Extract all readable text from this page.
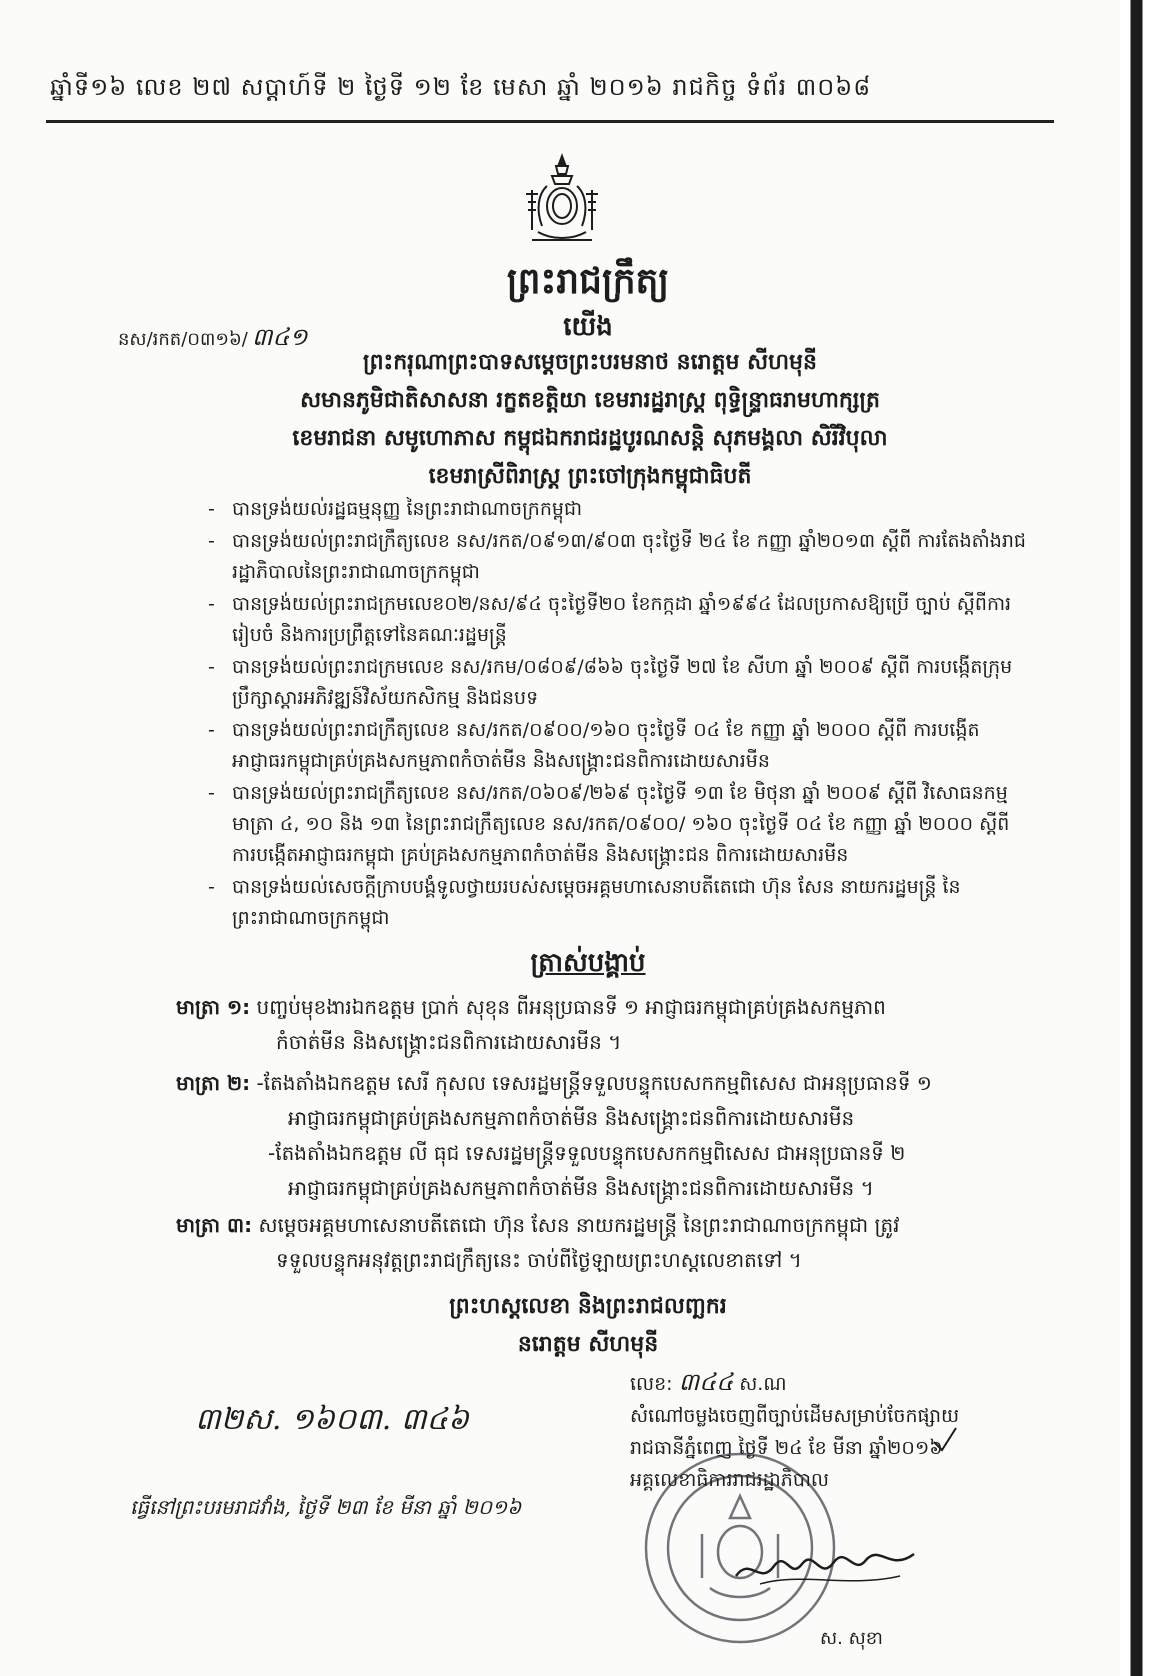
ឆ្នាំទី១៦ លេខ ២៧ សប្តាហ៍ទី ២ ថ្ងៃទី ១២ ខែ មេសា ឆ្នាំ ២០១៦ រាជកិច្ច ទំព័រ ៣០៦៨
ព្រះរាជក្រឹត្យ
នស/រកត/០៣១៦/ ៣៤១	យើង
ព្រះករុណាព្រះបាទសម្តេចព្រះបរមនាថ នរោត្តម សីហមុនី
សមានភូមិជាតិសាសនា រក្ខតខត្តិយា ខេមរារដ្ឋរាស្ត្រ ពុទ្ធិន្ទ្រាធរាមហាក្សត្រ
ខេមរាជនា សមូហោភាស កម្ពុជឯករាជរដ្ឋបូរណសន្តិ សុភមង្គលា សិរីវិបុលា
ខេមរាស្រីពិរាស្ត្រ ព្រះចៅក្រុងកម្ពុជាធិបតី
- បានទ្រង់យល់រដ្ឋធម្មនុញ្ញ នៃព្រះរាជាណាចក្រកម្ពុជា
- បានទ្រង់យល់ព្រះរាជក្រឹត្យលេខ នស/រកត/០៩១៣/៩០៣ ចុះថ្ងៃទី ២៤ ខែ កញ្ញា ឆ្នាំ២០១៣ ស្តីពី ការតែងតាំងរាជរដ្ឋាភិបាលនៃព្រះរាជាណាចក្រកម្ពុជា
- បានទ្រង់យល់ព្រះរាជក្រមលេខ០២/នស/៩៤ ចុះថ្ងៃទី២០ ខែកក្កដា ឆ្នាំ១៩៩៤ ដែលប្រកាសឱ្យប្រើ ច្បាប់ ស្តីពីការរៀបចំ និងការប្រព្រឹត្តទៅនៃគណៈរដ្ឋមន្ត្រី
- បានទ្រង់យល់ព្រះរាជក្រមលេខ នស/រកម/០៨០៩/៨៦៦ ចុះថ្ងៃទី ២៧ ខែ សីហា ឆ្នាំ ២០០៩ ស្តីពី ការបង្កើតក្រុមប្រឹក្សាស្តារអភិវឌ្ឍន៍វិស័យកសិកម្ម និងជនបទ
- បានទ្រង់យល់ព្រះរាជក្រឹត្យលេខ នស/រកត/០៩០០/១៦០ ចុះថ្ងៃទី ០៤ ខែ កញ្ញា ឆ្នាំ ២០០០ ស្តីពី ការបង្កើតអាជ្ញាធរកម្ពុជាគ្រប់គ្រងសកម្មភាពកំចាត់មីន និងសង្គ្រោះជនពិការដោយសារមីន
- បានទ្រង់យល់ព្រះរាជក្រឹត្យលេខ នស/រកត/០៦០៩/២៦៩ ចុះថ្ងៃទី ១៣ ខែ មិថុនា ឆ្នាំ ២០០៩ ស្តីពី វិសោធនកម្មមាត្រា ៤, ១០ និង ១៣ នៃព្រះរាជក្រឹត្យលេខ នស/រកត/០៩០០/ ១៦០ ចុះថ្ងៃទី ០៤ ខែ កញ្ញា ឆ្នាំ ២០០០ ស្តីពីការបង្កើតអាជ្ញាធរកម្ពុជា គ្រប់គ្រងសកម្មភាពកំចាត់មីន និងសង្គ្រោះជន ពិការដោយសារមីន
- បានទ្រង់យល់សេចក្តីក្រាបបង្គំទូលថ្វាយរបស់សម្តេចអគ្គមហាសេនាបតីតេជោ ហ៊ុន សែន នាយករដ្ឋមន្ត្រី នៃព្រះរាជាណាចក្រកម្ពុជា
ត្រាស់បង្គាប់
មាត្រា ១: បញ្ចប់មុខងារឯកឧត្តម ប្រាក់ សុខុន ពីអនុប្រធានទី ១ អាជ្ញាធរកម្ពុជាគ្រប់គ្រងសកម្មភាព
កំចាត់មីន និងសង្គ្រោះជនពិការដោយសារមីន ។
មាត្រា ២: -តែងតាំងឯកឧត្តម សេរី កុសល ទេសរដ្ឋមន្ត្រីទទួលបន្ទុកបេសកកម្មពិសេស ជាអនុប្រធានទី ១
អាជ្ញាធរកម្ពុជាគ្រប់គ្រងសកម្មភាពកំចាត់មីន និងសង្គ្រោះជនពិការដោយសារមីន
-តែងតាំងឯកឧត្តម លី ធុជ ទេសរដ្ឋមន្ត្រីទទួលបន្ទុកបេសកកម្មពិសេស ជាអនុប្រធានទី ២
អាជ្ញាធរកម្ពុជាគ្រប់គ្រងសកម្មភាពកំចាត់មីន និងសង្គ្រោះជនពិការដោយសារមីន ។
មាត្រា ៣: សម្តេចអគ្គមហាសេនាបតីតេជោ ហ៊ុន សែន នាយករដ្ឋមន្ត្រី នៃព្រះរាជាណាចក្រកម្ពុជា ត្រូវ
ទទួលបន្ទុកអនុវត្តព្រះរាជក្រឹត្យនេះ ចាប់ពីថ្ងៃឡាយព្រះហស្តលេខាតទៅ ។
ព្រះហស្តលេខា និងព្រះរាជលញ្ឆករ
នរោត្តម សីហមុនី
៣២ស. ១៦០៣. ៣៤៦
ធ្វើនៅព្រះបរមរាជវាំង, ថ្ងៃទី ២៣ ខែ មីនា ឆ្នាំ ២០១៦
លេខ: ៣៤៤ ស.ណ
សំណៅចម្លងចេញពីច្បាប់ដើមសម្រាប់ចែកផ្សាយ
រាជធានីភ្នំពេញ ថ្ងៃទី ២៤ ខែ មីនា ឆ្នាំ២០១៦
អគ្គលេខាធិការរាជរដ្ឋាភិបាល
ស. សុខា
